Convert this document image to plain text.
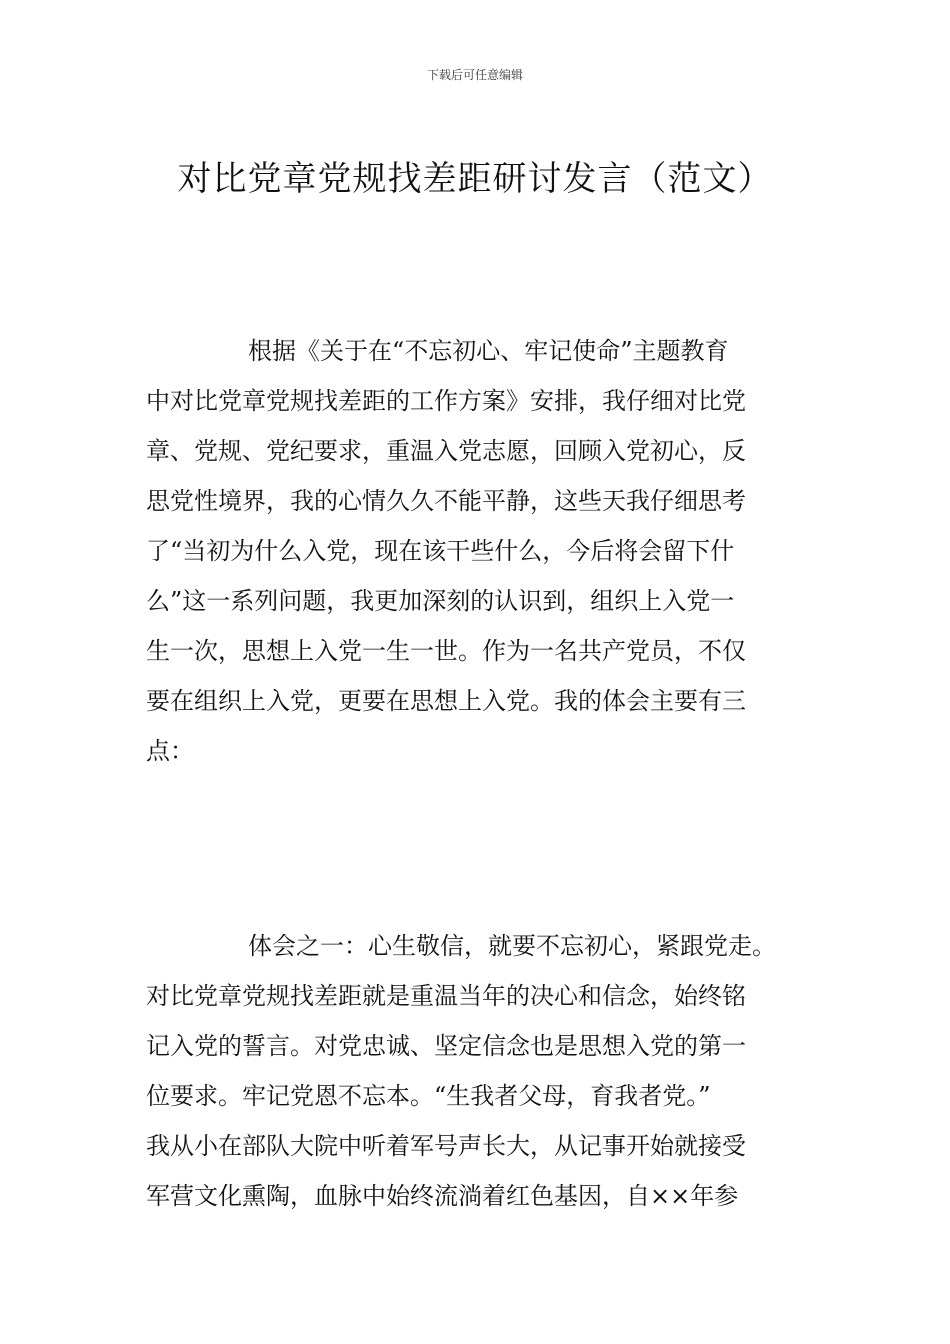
下载后可任意编辑
对比党章党规找差距研讨发言（范文）
根据《关于在“不忘初心、牢记使命”主题教育
中对比党章党规找差距的工作方案》安排，我仔细对比党
章、党规、党纪要求，重温入党志愿，回顾入党初心，反
思党性境界，我的心情久久不能平静，这些天我仔细思考
了“当初为什么入党，现在该干些什么，今后将会留下什
么”这一系列问题，我更加深刻的认识到，组织上入党一
生一次，思想上入党一生一世。作为一名共产党员，不仅
要在组织上入党，更要在思想上入党。我的体会主要有三
点：
体会之一：心生敬信，就要不忘初心，紧跟党走。
对比党章党规找差距就是重温当年的决心和信念，始终铭
记入党的誓言。对党忠诚、坚定信念也是思想入党的第一
位要求。牢记党恩不忘本。“生我者父母，育我者党。”
我从小在部队大院中听着军号声长大，从记事开始就接受
军营文化熏陶，血脉中始终流淌着红色基因，自××年参
